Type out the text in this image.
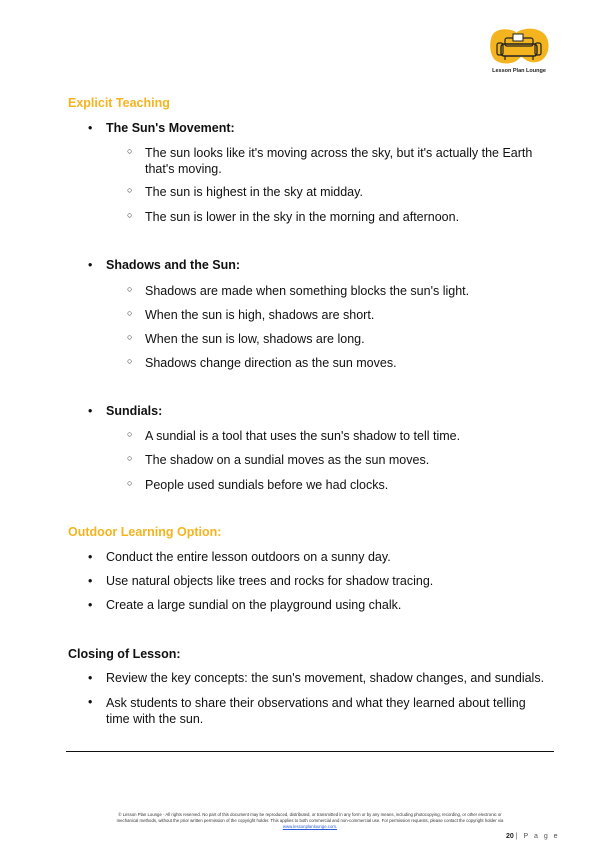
Lesson Plan Lounge
Explicit Teaching
• The Sun's Movement:
○ The sun looks like it's moving across the sky, but it's actually the Earth that's moving.
○ The sun is highest in the sky at midday.
○ The sun is lower in the sky in the morning and afternoon.
• Shadows and the Sun:
○ Shadows are made when something blocks the sun's light.
○ When the sun is high, shadows are short.
○ When the sun is low, shadows are long.
○ Shadows change direction as the sun moves.
• Sundials:
○ A sundial is a tool that uses the sun's shadow to tell time.
○ The shadow on a sundial moves as the sun moves.
○ People used sundials before we had clocks.
Outdoor Learning Option:
• Conduct the entire lesson outdoors on a sunny day.
• Use natural objects like trees and rocks for shadow tracing.
• Create a large sundial on the playground using chalk.
Closing of Lesson:
• Review the key concepts: the sun's movement, shadow changes, and sundials.
• Ask students to share their observations and what they learned about telling time with the sun.
© Lesson Plan Lounge - All rights reserved. No part of this document may be reproduced, distributed, or transmitted in any form or by any means, including photocopying, recording, or other electronic or
mechanical methods, without the prior written permission of the copyright holder. This applies to both commercial and non-commercial use. For permission requests, please contact the copyright holder via
www.lessonplanlounge.com.
20 | P a g e
